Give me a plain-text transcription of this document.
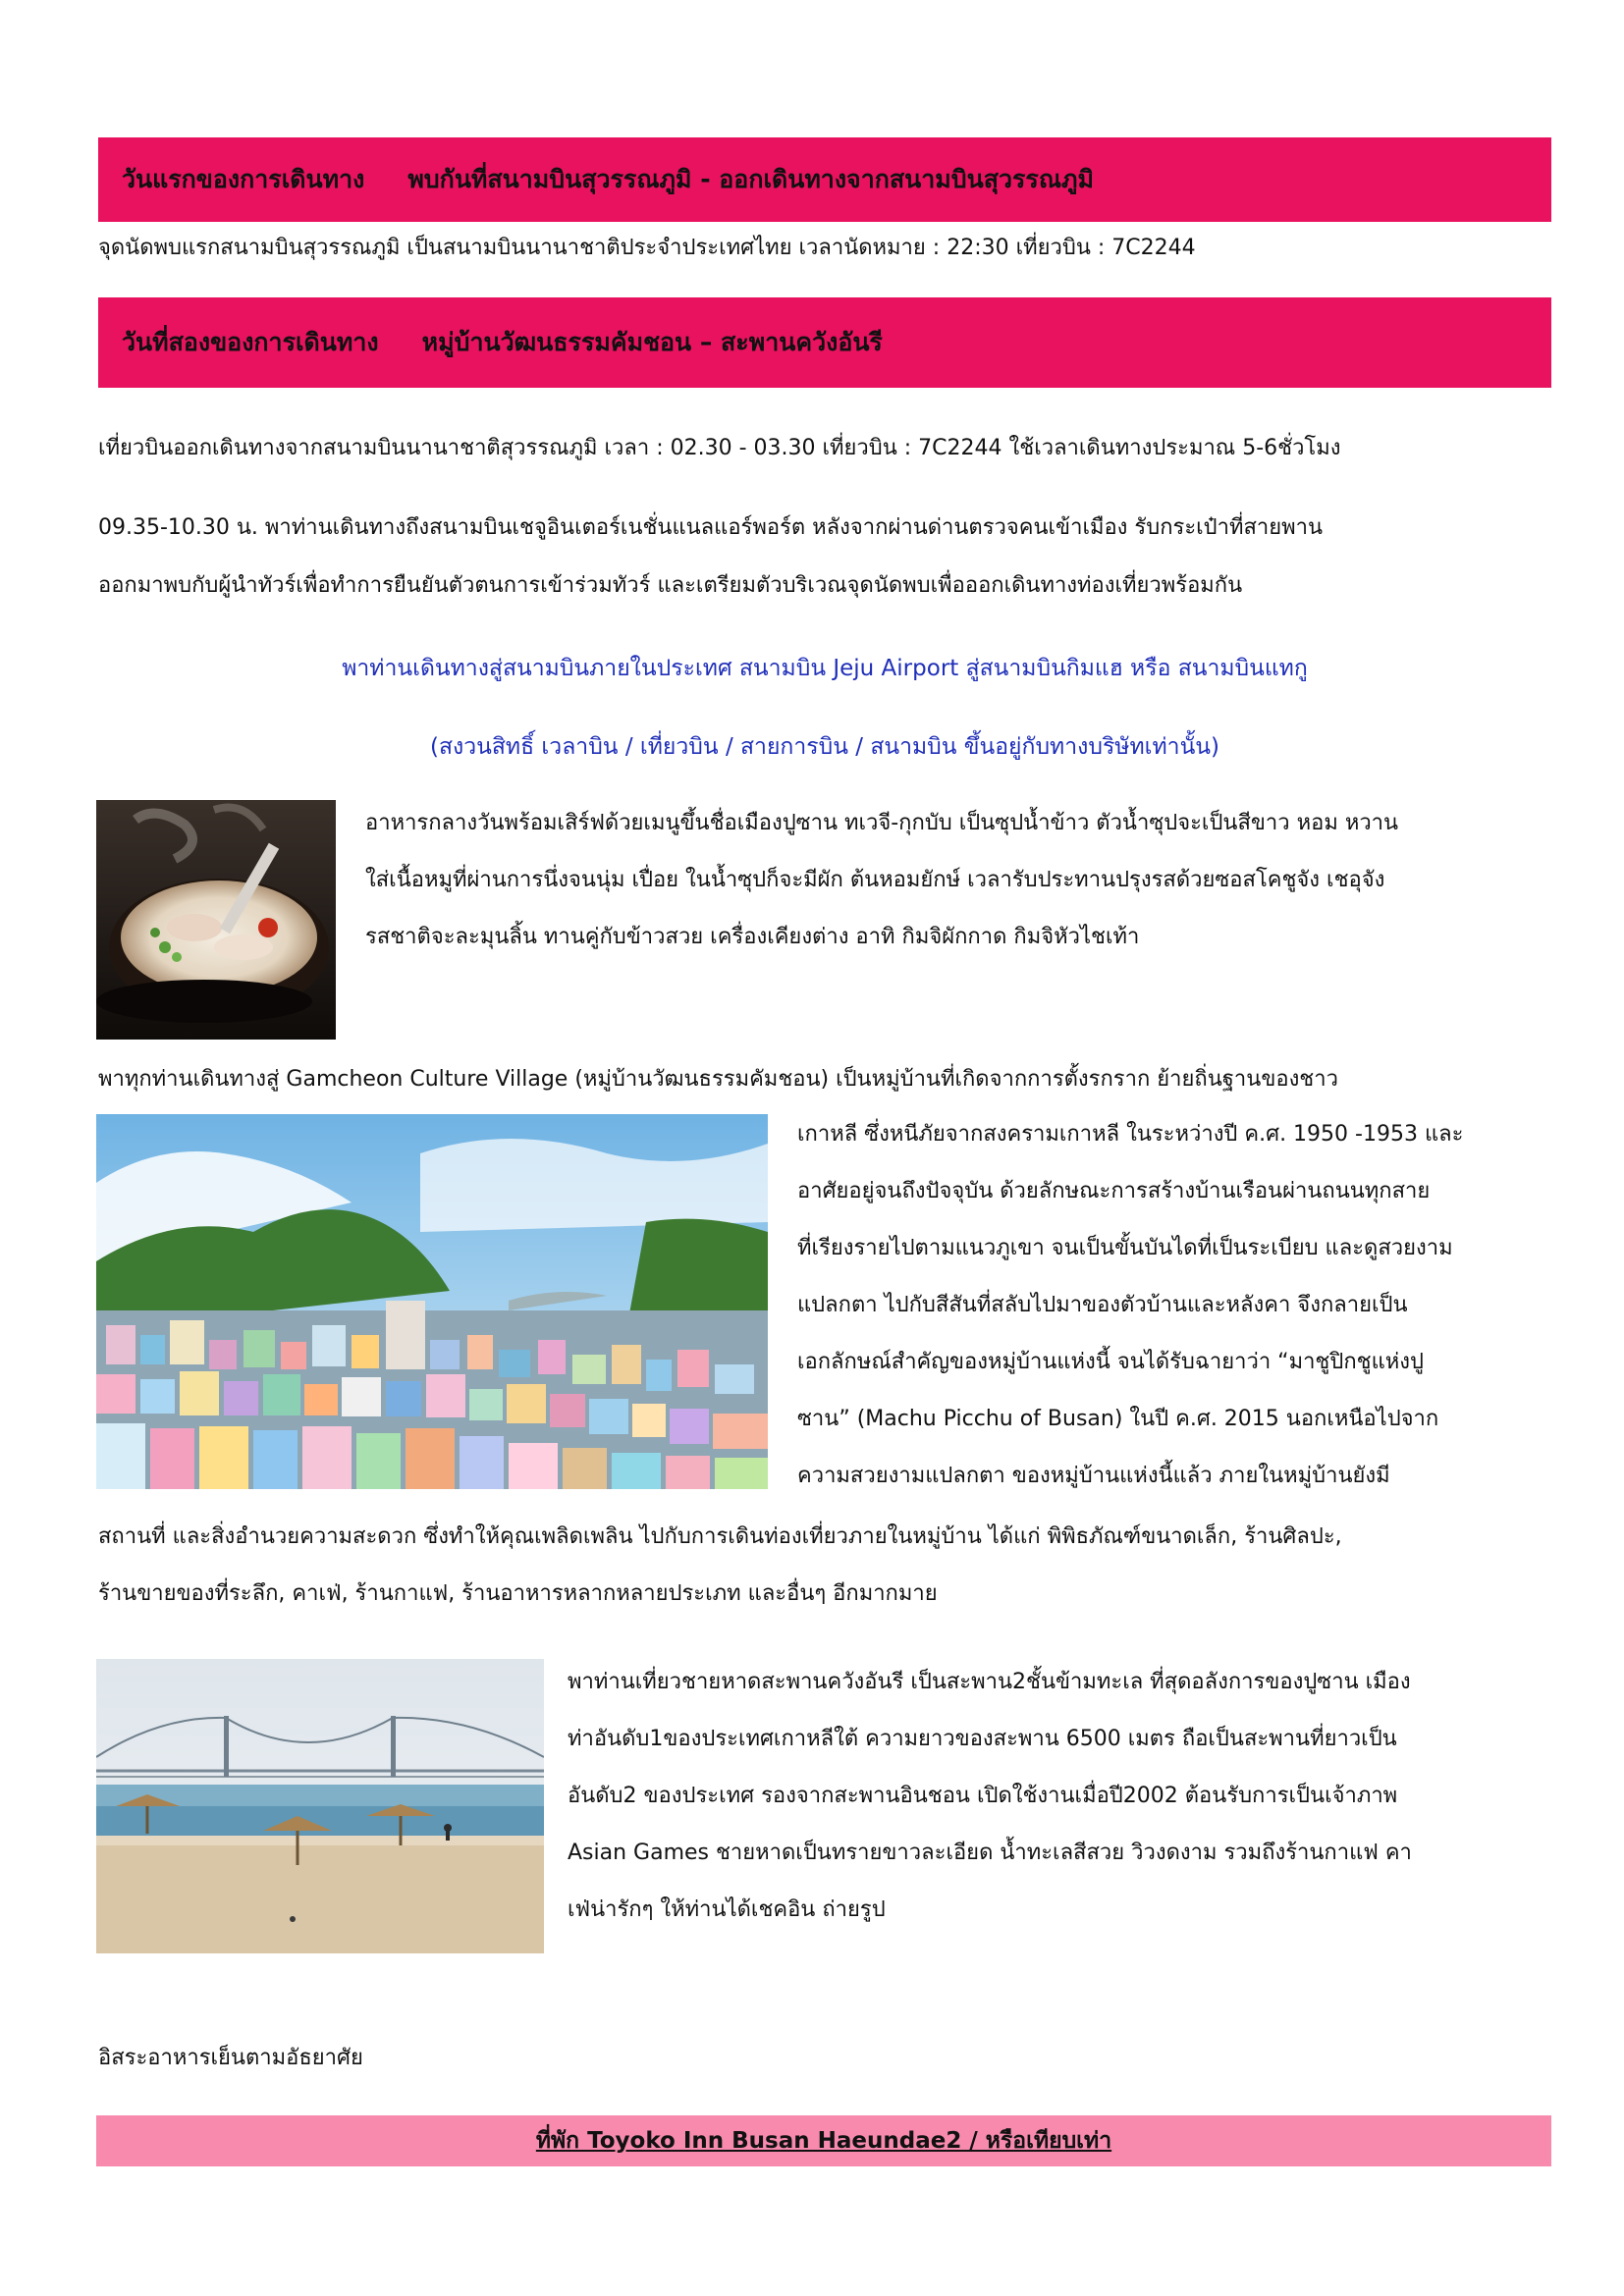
วันแรกของการเดินทาง พบกันที่สนามบินสุวรรณภูมิ - ออกเดินทางจากสนามบินสุวรรณภูมิ
จุดนัดพบแรกสนามบินสุวรรณภูมิ เป็นสนามบินนานาชาติประจำประเทศไทย เวลานัดหมาย : 22:30 เที่ยวบิน : 7C2244
วันที่สองของการเดินทาง หมู่บ้านวัฒนธรรมคัมชอน – สะพานควังอันรี
เที่ยวบินออกเดินทางจากสนามบินนานาชาติสุวรรณภูมิ เวลา : 02.30 - 03.30 เที่ยวบิน : 7C2244 ใช้เวลาเดินทางประมาณ 5-6ชั่วโมง
09.35-10.30 น. พาท่านเดินทางถึงสนามบินเชจูอินเตอร์เนชั่นแนลแอร์พอร์ต หลังจากผ่านด่านตรวจคนเข้าเมือง รับกระเป๋าที่สายพาน
ออกมาพบกับผู้นำทัวร์เพื่อทำการยืนยันตัวตนการเข้าร่วมทัวร์ และเตรียมตัวบริเวณจุดนัดพบเพื่อออกเดินทางท่องเที่ยวพร้อมกัน
พาท่านเดินทางสู่สนามบินภายในประเทศ สนามบิน Jeju Airport สู่สนามบินกิมแฮ หรือ สนามบินแทกู
(สงวนสิทธิ์ เวลาบิน / เที่ยวบิน / สายการบิน / สนามบิน ขึ้นอยู่กับทางบริษัทเท่านั้น)
อาหารกลางวันพร้อมเสิร์ฟด้วยเมนูขึ้นชื่อเมืองปูซาน ทเวจี-กุกบับ เป็นซุปน้ำข้าว ตัวน้ำซุปจะเป็นสีขาว หอม หวาน
ใส่เนื้อหมูที่ผ่านการนึ่งจนนุ่ม เปื่อย ในน้ำซุปก็จะมีผัก ต้นหอมยักษ์ เวลารับประทานปรุงรสด้วยซอสโคชูจัง เชอุจัง
รสชาติจะละมุนลิ้น ทานคู่กับข้าวสวย เครื่องเคียงต่าง อาทิ กิมจิผักกาด กิมจิหัวไชเท้า
พาทุกท่านเดินทางสู่ Gamcheon Culture Village (หมู่บ้านวัฒนธรรมคัมชอน) เป็นหมู่บ้านที่เกิดจากการตั้งรกราก ย้ายถิ่นฐานของชาว
เกาหลี ซึ่งหนีภัยจากสงครามเกาหลี ในระหว่างปี ค.ศ. 1950 -1953 และ
อาศัยอยู่จนถึงปัจจุบัน ด้วยลักษณะการสร้างบ้านเรือนผ่านถนนทุกสาย
ที่เรียงรายไปตามแนวภูเขา จนเป็นขั้นบันไดที่เป็นระเบียบ และดูสวยงาม
แปลกตา ไปกับสีสันที่สลับไปมาของตัวบ้านและหลังคา จึงกลายเป็น
เอกลักษณ์สำคัญของหมู่บ้านแห่งนี้ จนได้รับฉายาว่า “มาชูปิกชูแห่งปู
ซาน” (Machu Picchu of Busan) ในปี ค.ศ. 2015 นอกเหนือไปจาก
ความสวยงามแปลกตา ของหมู่บ้านแห่งนี้แล้ว ภายในหมู่บ้านยังมี
สถานที่ และสิ่งอำนวยความสะดวก ซึ่งทำให้คุณเพลิดเพลิน ไปกับการเดินท่องเที่ยวภายในหมู่บ้าน ได้แก่ พิพิธภัณฑ์ขนาดเล็ก, ร้านศิลปะ,
ร้านขายของที่ระลึก, คาเฟ่, ร้านกาแฟ, ร้านอาหารหลากหลายประเภท และอื่นๆ อีกมากมาย
พาท่านเที่ยวชายหาดสะพานควังอันรี เป็นสะพาน2ชั้นข้ามทะเล ที่สุดอลังการของปูซาน เมือง
ท่าอันดับ1ของประเทศเกาหลีใต้ ความยาวของสะพาน 6500 เมตร ถือเป็นสะพานที่ยาวเป็น
อันดับ2 ของประเทศ รองจากสะพานอินชอน เปิดใช้งานเมื่อปี2002 ต้อนรับการเป็นเจ้าภาพ
Asian Games ชายหาดเป็นทรายขาวละเอียด น้ำทะเลสีสวย วิวงดงาม รวมถึงร้านกาแฟ คา
เฟ่น่ารักๆ ให้ท่านได้เชคอิน ถ่ายรูป
อิสระอาหารเย็นตามอัธยาศัย
ที่พัก Toyoko Inn Busan Haeundae2 / หรือเทียบเท่า
